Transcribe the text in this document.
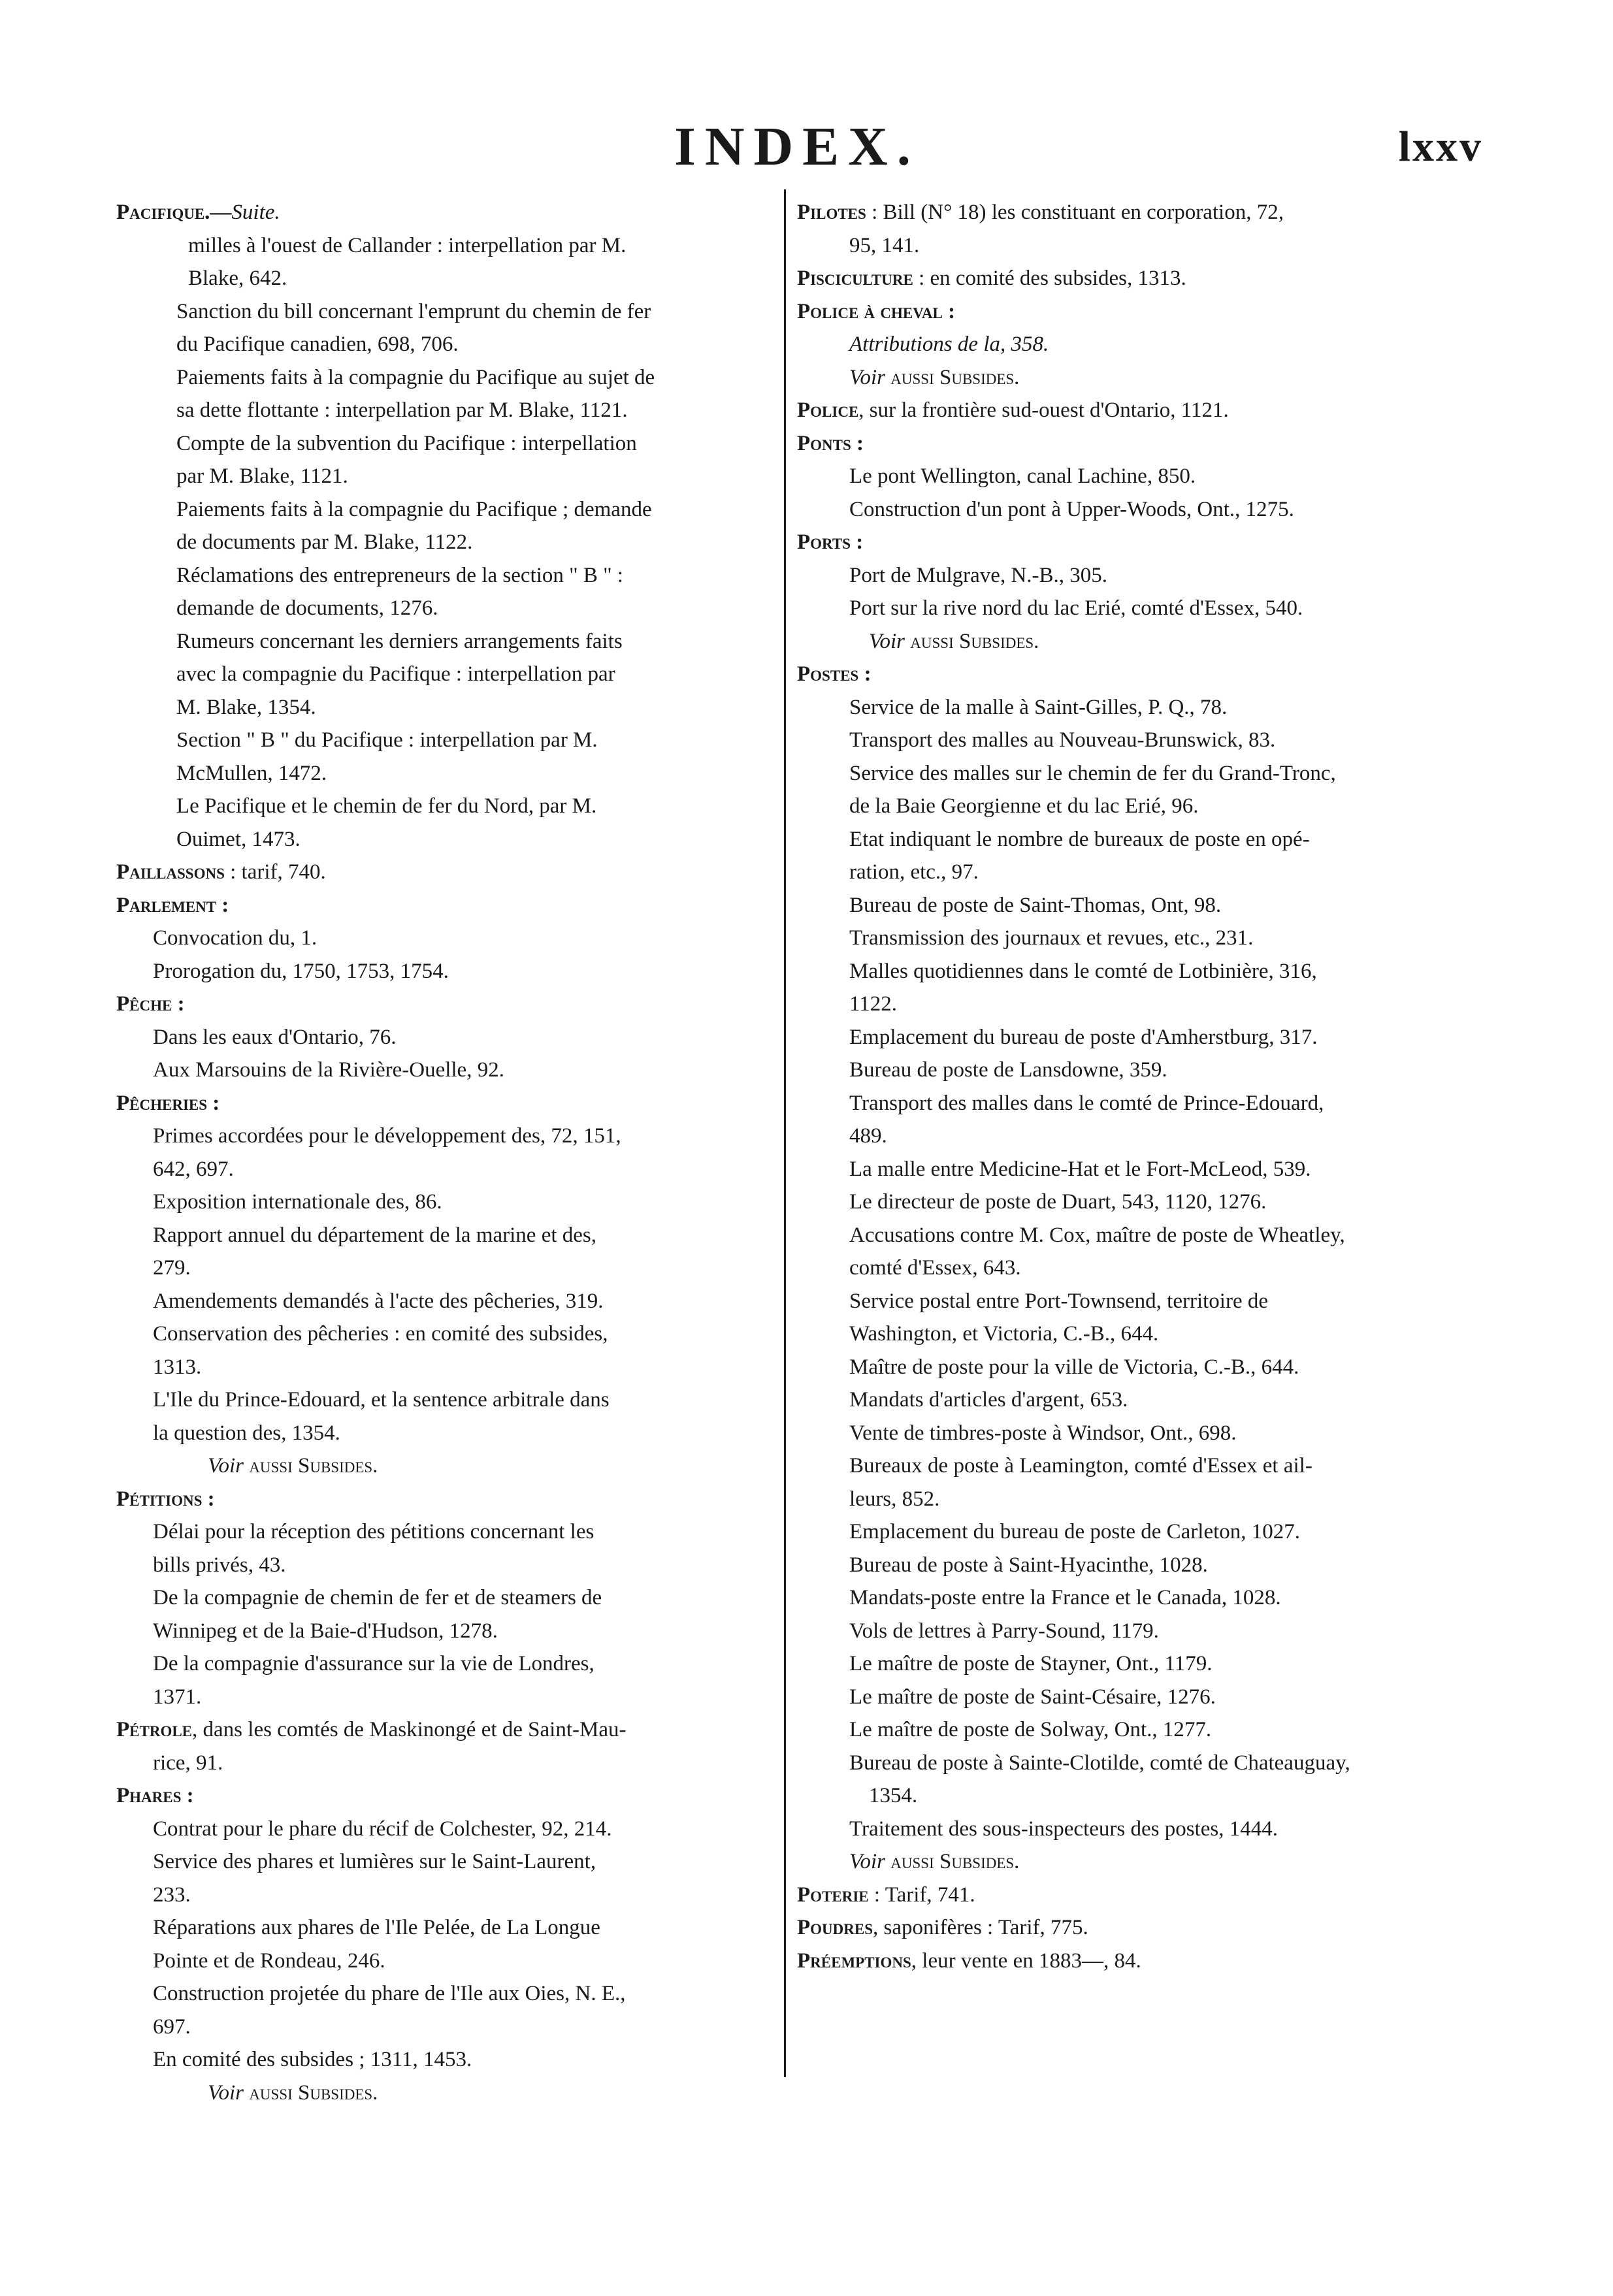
INDEX.	lxxv
Pacifique.—Suite.
milles à l'ouest de Callander : interpellation par M.
Blake, 642.
Sanction du bill concernant l'emprunt du chemin de fer
du Pacifique canadien, 698, 706.
Paiements faits à la compagnie du Pacifique au sujet de
sa dette flottante : interpellation par M. Blake, 1121.
Compte de la subvention du Pacifique : interpellation
par M. Blake, 1121.
Paiements faits à la compagnie du Pacifique ; demande
de documents par M. Blake, 1122.
Réclamations des entrepreneurs de la section " B " :
demande de documents, 1276.
Rumeurs concernant les derniers arrangements faits
avec la compagnie du Pacifique : interpellation par
M. Blake, 1354.
Section " B " du Pacifique : interpellation par M.
McMullen, 1472.
Le Pacifique et le chemin de fer du Nord, par M.
Ouimet, 1473.
Paillassons : tarif, 740.
Parlement :
Convocation du, 1.
Prorogation du, 1750, 1753, 1754.
Pêche :
Dans les eaux d'Ontario, 76.
Aux Marsouins de la Rivière-Ouelle, 92.
Pêcheries :
Primes accordées pour le développement des, 72, 151,
642, 697.
Exposition internationale des, 86.
Rapport annuel du département de la marine et des,
279.
Amendements demandés à l'acte des pêcheries, 319.
Conservation des pêcheries : en comité des subsides,
1313.
L'Ile du Prince-Edouard, et la sentence arbitrale dans
la question des, 1354.
Voir aussi Subsides.
Pétitions :
Délai pour la réception des pétitions concernant les
bills privés, 43.
De la compagnie de chemin de fer et de steamers de
Winnipeg et de la Baie-d'Hudson, 1278.
De la compagnie d'assurance sur la vie de Londres,
1371.
Pétrole, dans les comtés de Maskinongé et de Saint-Mau-
rice, 91.
Phares :
Contrat pour le phare du récif de Colchester, 92, 214.
Service des phares et lumières sur le Saint-Laurent,
233.
Réparations aux phares de l'Ile Pelée, de La Longue
Pointe et de Rondeau, 246.
Construction projetée du phare de l'Ile aux Oies, N. E.,
697.
En comité des subsides ; 1311, 1453.
Voir aussi Subsides.
Pilotes : Bill (N° 18) les constituant en corporation, 72,
95, 141.
Pisciculture : en comité des subsides, 1313.
Police à cheval :
Attributions de la, 358.
Voir aussi Subsides.
Police, sur la frontière sud-ouest d'Ontario, 1121.
Ponts :
Le pont Wellington, canal Lachine, 850.
Construction d'un pont à Upper-Woods, Ont., 1275.
Ports :
Port de Mulgrave, N.-B., 305.
Port sur la rive nord du lac Erié, comté d'Essex, 540.
Voir aussi Subsides.
Postes :
Service de la malle à Saint-Gilles, P. Q., 78.
Transport des malles au Nouveau-Brunswick, 83.
Service des malles sur le chemin de fer du Grand-Tronc,
de la Baie Georgienne et du lac Erié, 96.
Etat indiquant le nombre de bureaux de poste en opé-
ration, etc., 97.
Bureau de poste de Saint-Thomas, Ont, 98.
Transmission des journaux et revues, etc., 231.
Malles quotidiennes dans le comté de Lotbinière, 316,
1122.
Emplacement du bureau de poste d'Amherstburg, 317.
Bureau de poste de Lansdowne, 359.
Transport des malles dans le comté de Prince-Edouard,
489.
La malle entre Medicine-Hat et le Fort-McLeod, 539.
Le directeur de poste de Duart, 543, 1120, 1276.
Accusations contre M. Cox, maître de poste de Wheatley,
comté d'Essex, 643.
Service postal entre Port-Townsend, territoire de
Washington, et Victoria, C.-B., 644.
Maître de poste pour la ville de Victoria, C.-B., 644.
Mandats d'articles d'argent, 653.
Vente de timbres-poste à Windsor, Ont., 698.
Bureaux de poste à Leamington, comté d'Essex et ail-
leurs, 852.
Emplacement du bureau de poste de Carleton, 1027.
Bureau de poste à Saint-Hyacinthe, 1028.
Mandats-poste entre la France et le Canada, 1028.
Vols de lettres à Parry-Sound, 1179.
Le maître de poste de Stayner, Ont., 1179.
Le maître de poste de Saint-Césaire, 1276.
Le maître de poste de Solway, Ont., 1277.
Bureau de poste à Sainte-Clotilde, comté de Chateauguay,
1354.
Traitement des sous-inspecteurs des postes, 1444.
Voir aussi Subsides.
Poterie : Tarif, 741.
Poudres, saponifères : Tarif, 775.
Préemptions, leur vente en 1883—, 84.
